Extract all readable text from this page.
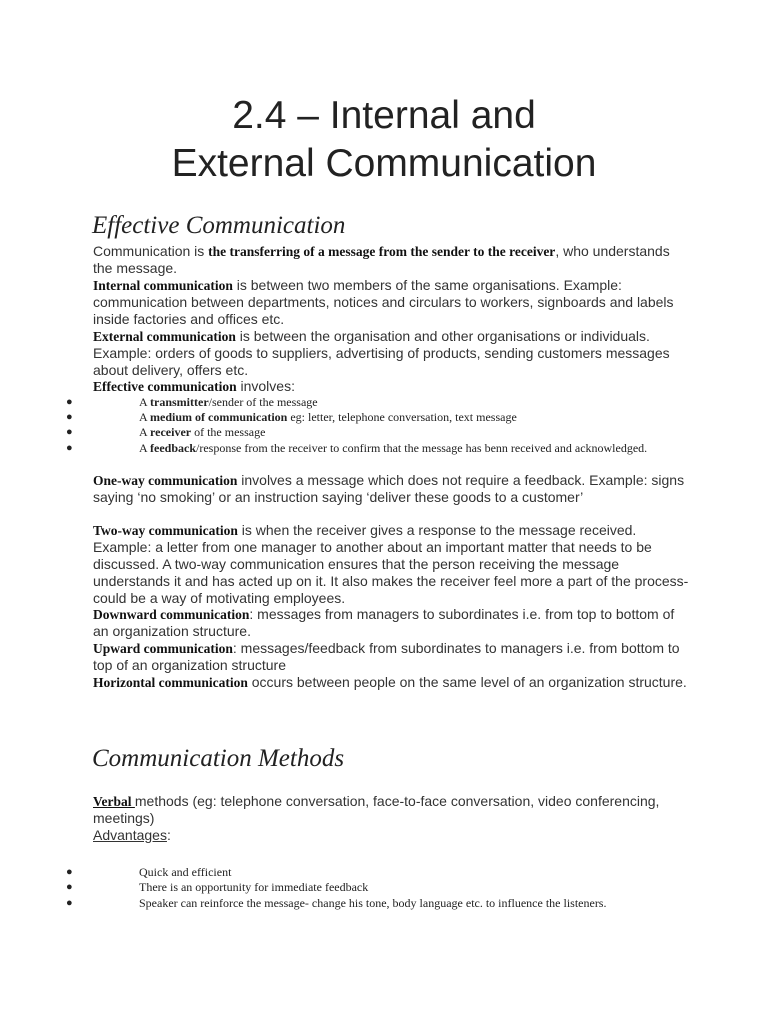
2.4 – Internal and
External Communication
Effective Communication

Communication is the transferring of a message from the sender to the receiver, who understands the message.

Internal communication is between two members of the same organisations. Example: communication between departments, notices and circulars to workers, signboards and labels inside factories and offices etc.

External communication is between the organisation and other organisations or individuals. Example: orders of goods to suppliers, advertising of products, sending customers messages about delivery, offers etc.

Effective communication involves:

●	A transmitter/sender of the message
●	A medium of communication eg: letter, telephone conversation, text message
●	A receiver of the message
●	A feedback/response from the receiver to confirm that the message has benn received and acknowledged.

One-way communication involves a message which does not require a feedback. Example: signs saying ‘no smoking’ or an instruction saying ‘deliver these goods to a customer’

Two-way communication is when the receiver gives a response to the message received. Example: a letter from one manager to another about an important matter that needs to be discussed. A two-way communication ensures that the person receiving the message understands it and has acted up on it. It also makes the receiver feel more a part of the process- could be a way of motivating employees.

Downward communication: messages from managers to subordinates i.e. from top to bottom of an organization structure.

Upward communication: messages/feedback from subordinates to managers i.e. from bottom to top of an organization structure

Horizontal communication occurs between people on the same level of an organization structure.

Communication Methods

Verbal methods (eg: telephone conversation, face-to-face conversation, video conferencing, meetings)
Advantages:

●	Quick and efficient
●	There is an opportunity for immediate feedback
●	Speaker can reinforce the message- change his tone, body language etc. to influence the listeners.
